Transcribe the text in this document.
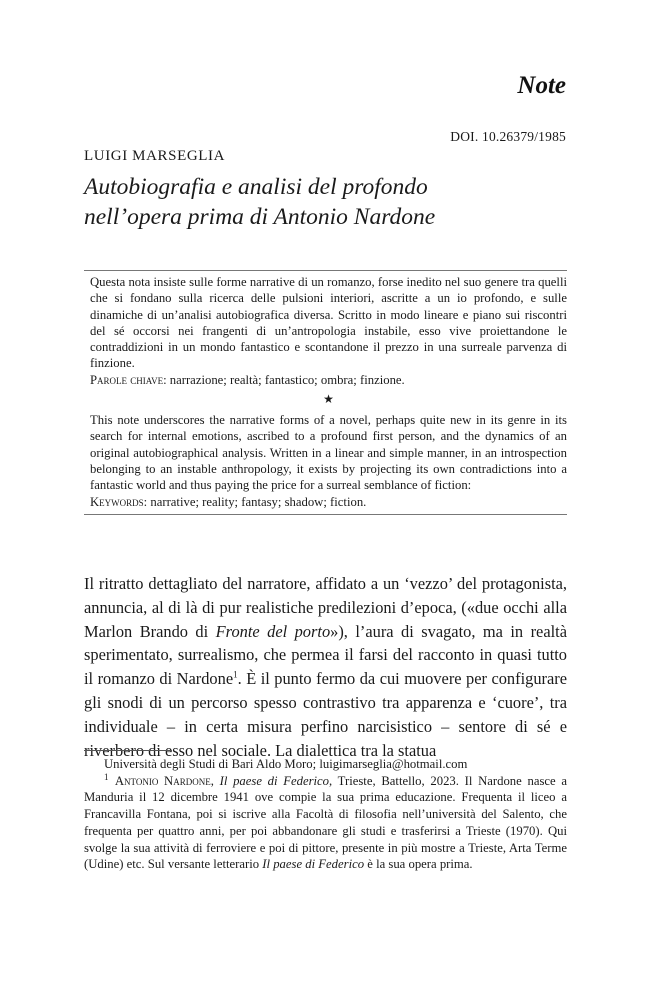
Note
DOI. 10.26379/1985
LUIGI MARSEGLIA
Autobiografia e analisi del profondo
nell’opera prima di Antonio Nardone

Questa nota insiste sulle forme narrative di un romanzo, forse inedito nel suo genere tra quelli che si fondano sulla ricerca delle pulsioni interiori, ascritte a un io profondo, e sulle dinamiche di un’analisi autobiografica diversa. Scritto in modo lineare e piano sui riscontri del sé occorsi nei frangenti di un’antropologia instabile, esso vive proiettandone le contraddizioni in un mondo fantastico e scontandone il prezzo in una surreale parvenza di finzione.

Parole chiave: narrazione; realtà; fantastico; ombra; finzione.

★

This note underscores the narrative forms of a novel, perhaps quite new in its genre in its search for internal emotions, ascribed to a profound first person, and the dynamics of an original autobiographical analysis. Written in a linear and simple manner, in an introspection belonging to an instable anthropology, it exists by projecting its own contradictions into a fantastic world and thus paying the price for a surreal semblance of fiction:

Keywords: narrative; reality; fantasy; shadow; fiction.

Il ritratto dettagliato del narratore, affidato a un ‘vezzo’ del protagonista, annuncia, al di là di pur realistiche predilezioni d’epoca, («due occhi alla Marlon Brando di Fronte del porto»), l’aura di svagato, ma in realtà sperimentato, surrealismo, che permea il farsi del racconto in quasi tutto il romanzo di Nardone$^1$. È il punto fermo da cui muovere per configurare gli snodi di un percorso spesso contrastivo tra apparenza e ‘cuore’, tra individuale – in certa misura perfino narcisistico – sentore di sé e riverbero di esso nel sociale. La dialettica tra la statua

Università degli Studi di Bari Aldo Moro; luigimarseglia@hotmail.com

$^1$  Antonio Nardone, Il paese di Federico, Trieste, Battello, 2023. Il Nardone nasce a Manduria il 12 dicembre 1941 ove compie la sua prima educazione. Frequenta il liceo a Francavilla Fontana, poi si iscrive alla Facoltà di filosofia nell’università del Salento, che frequenta per quattro anni, per poi abbandonare gli studi e trasferirsi a Trieste (1970). Qui svolge la sua attività di ferroviere e poi di pittore, presente in più mostre a Trieste, Arta Terme (Udine) etc. Sul versante letterario Il paese di Federico è la sua opera prima.
